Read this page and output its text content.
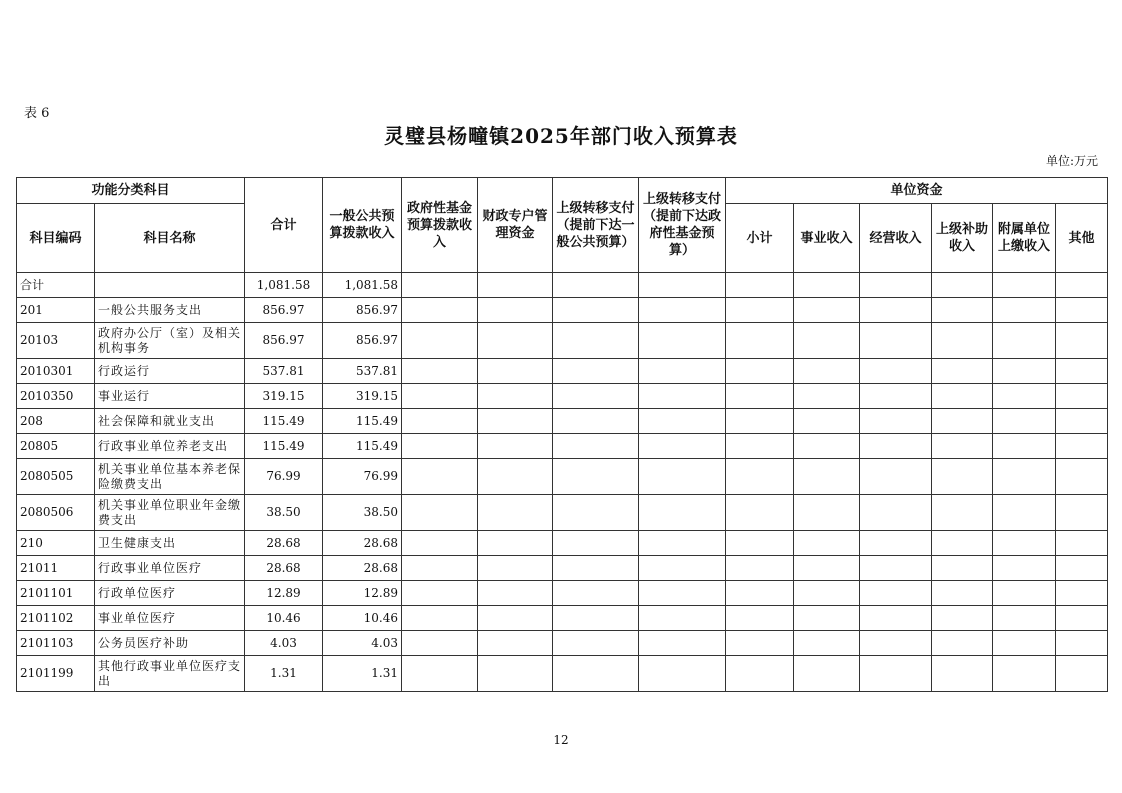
表 6
灵璧县杨疃镇2025年部门收入预算表
单位:万元
功能分类科目		合计	一般公共预算拨款收入	政府性基金预算拨款收入	财政专户管理资金	上级转移支付（提前下达一般公共预算）	上级转移支付（提前下达政府性基金预算）	单位资金					
科目编码	科目名称							小计	事业收入	经营收入	上级补助收入	附属单位上缴收入	其他
合计		1,081.58	1,081.58										
201	一般公共服务支出	856.97	856.97										
20103	政府办公厅（室）及相关机构事务	856.97	856.97										
2010301	行政运行	537.81	537.81										
2010350	事业运行	319.15	319.15										
208	社会保障和就业支出	115.49	115.49										
20805	行政事业单位养老支出	115.49	115.49										
2080505	机关事业单位基本养老保险缴费支出	76.99	76.99										
2080506	机关事业单位职业年金缴费支出	38.50	38.50										
210	卫生健康支出	28.68	28.68										
21011	行政事业单位医疗	28.68	28.68										
2101101	行政单位医疗	12.89	12.89										
2101102	事业单位医疗	10.46	10.46										
2101103	公务员医疗补助	4.03	4.03										
2101199	其他行政事业单位医疗支出	1.31	1.31										
12
